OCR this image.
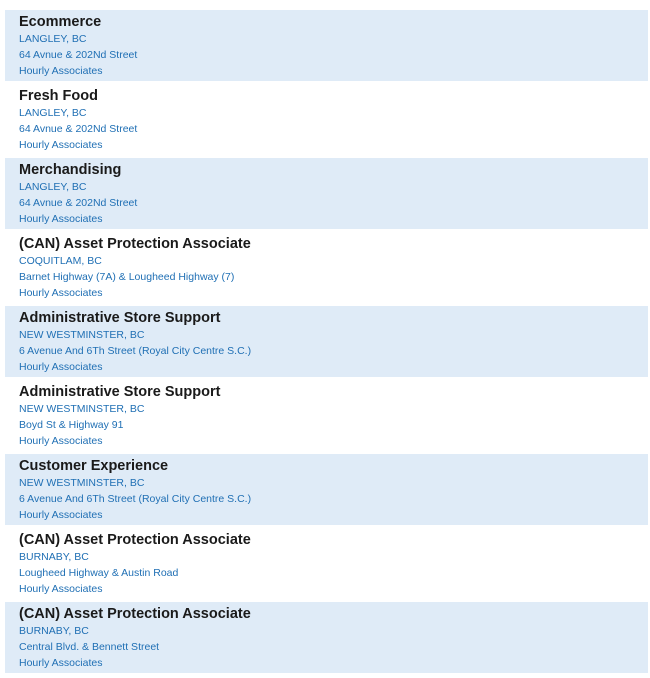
Ecommerce
LANGLEY, BC
64 Avnue & 202Nd Street
Hourly Associates
Fresh Food
LANGLEY, BC
64 Avnue & 202Nd Street
Hourly Associates
Merchandising
LANGLEY, BC
64 Avnue & 202Nd Street
Hourly Associates
(CAN) Asset Protection Associate
COQUITLAM, BC
Barnet Highway (7A) & Lougheed Highway (7)
Hourly Associates
Administrative Store Support
NEW WESTMINSTER, BC
6 Avenue And 6Th Street (Royal City Centre S.C.)
Hourly Associates
Administrative Store Support
NEW WESTMINSTER, BC
Boyd St & Highway 91
Hourly Associates
Customer Experience
NEW WESTMINSTER, BC
6 Avenue And 6Th Street (Royal City Centre S.C.)
Hourly Associates
(CAN) Asset Protection Associate
BURNABY, BC
Lougheed Highway & Austin Road
Hourly Associates
(CAN) Asset Protection Associate
BURNABY, BC
Central Blvd. & Bennett Street
Hourly Associates
